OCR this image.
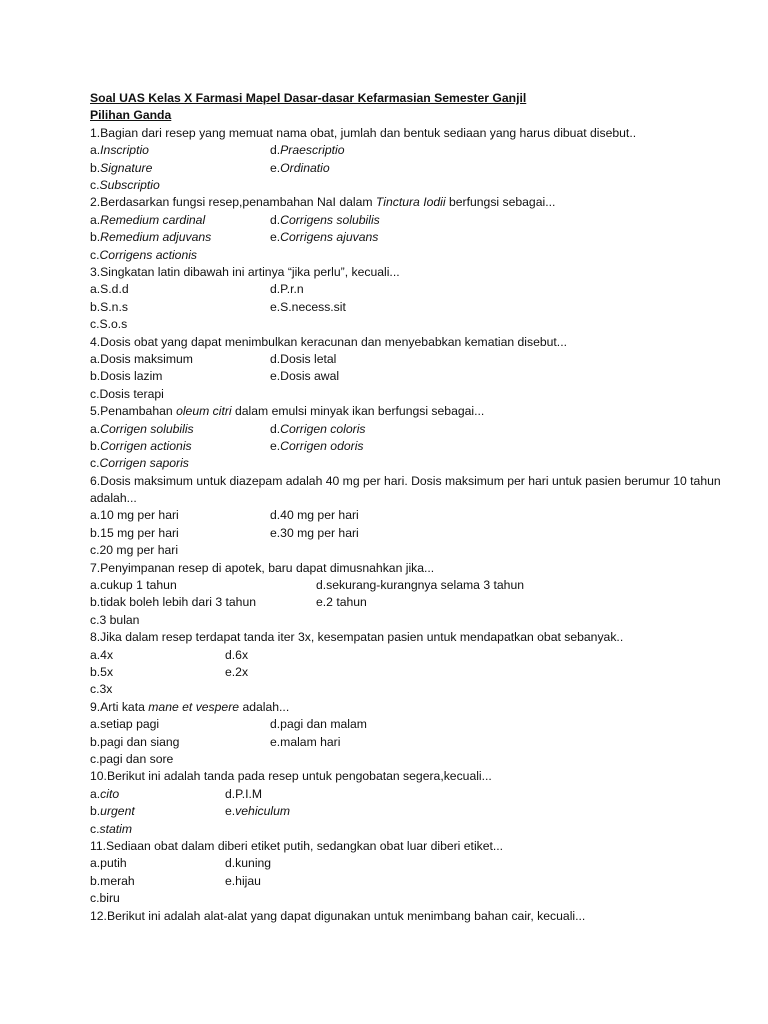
Soal UAS Kelas X Farmasi Mapel Dasar-dasar Kefarmasian Semester Ganjil
Pilihan Ganda
1.Bagian dari resep yang memuat nama obat, jumlah dan bentuk sediaan yang harus dibuat disebut..
a.Inscriptio	d.Praescriptio
b.Signature	e.Ordinatio
c.Subscriptio
2.Berdasarkan fungsi resep,penambahan NaI dalam Tinctura Iodii berfungsi sebagai...
a.Remedium cardinal	d.Corrigens solubilis
b.Remedium adjuvans	e.Corrigens ajuvans
c.Corrigens actionis
3.Singkatan latin dibawah ini artinya “jika perlu”, kecuali...
a.S.d.d	d.P.r.n
b.S.n.s	e.S.necess.sit
c.S.o.s
4.Dosis obat yang dapat menimbulkan keracunan dan menyebabkan kematian disebut...
a.Dosis maksimum	d.Dosis letal
b.Dosis lazim	e.Dosis awal
c.Dosis terapi
5.Penambahan oleum citri dalam emulsi minyak ikan berfungsi sebagai...
a.Corrigen solubilis	d.Corrigen coloris
b.Corrigen actionis	e.Corrigen odoris
c.Corrigen saporis
6.Dosis maksimum untuk diazepam adalah 40 mg per hari. Dosis maksimum per hari untuk pasien berumur 10 tahun adalah...
a.10 mg per hari	d.40 mg per hari
b.15 mg per hari	e.30 mg per hari
c.20 mg per hari
7.Penyimpanan resep di apotek, baru dapat dimusnahkan jika...
a.cukup 1 tahun	d.sekurang-kurangnya selama 3 tahun
b.tidak boleh lebih dari 3 tahun	e.2 tahun
c.3 bulan
8.Jika dalam resep terdapat tanda iter 3x, kesempatan pasien untuk mendapatkan obat sebanyak..
a.4x	d.6x
b.5x	e.2x
c.3x
9.Arti kata mane et vespere adalah...
a.setiap pagi	d.pagi dan malam
b.pagi dan siang	e.malam hari
c.pagi dan sore
10.Berikut ini adalah tanda pada resep untuk pengobatan segera,kecuali...
a.cito	d.P.I.M
b.urgent	e.vehiculum
c.statim
11.Sediaan obat dalam diberi etiket putih, sedangkan obat luar diberi etiket...
a.putih	d.kuning
b.merah	e.hijau
c.biru
12.Berikut ini adalah alat-alat yang dapat digunakan untuk menimbang bahan cair, kecuali...
